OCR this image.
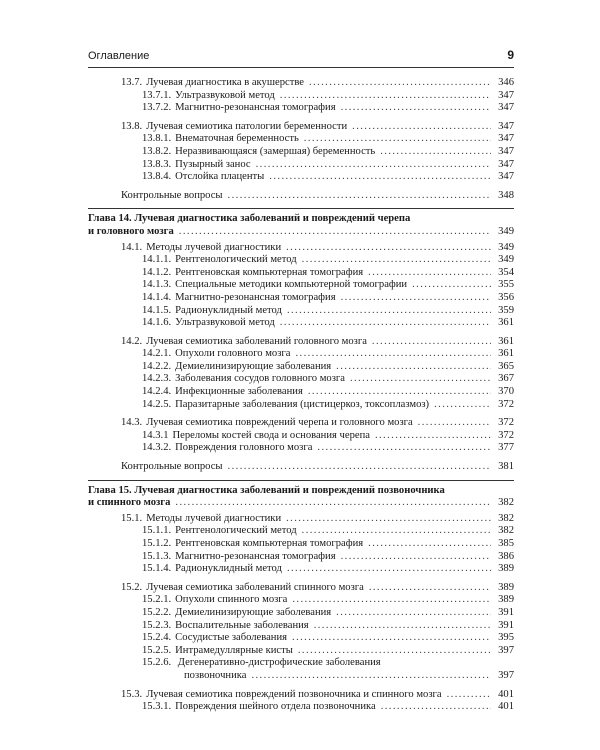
Оглавление	9
13.7. Лучевая диагностика в акушерстве .....	346
13.7.1. Ультразвуковой метод .....	347
13.7.2. Магнитно-резонансная томография .....	347
13.8. Лучевая семиотика патологии беременности .....	347
13.8.1. Внематочная беременность .....	347
13.8.2. Неразвивающаяся (замершая) беременность .....	347
13.8.3. Пузырный занос .....	347
13.8.4. Отслойка плаценты .....	347
Контрольные вопросы .....	348
Глава 14. Лучевая диагностика заболеваний и повреждений черепа
и головного мозга .....	349
14.1. Методы лучевой диагностики .....	349
14.1.1. Рентгенологический метод .....	349
14.1.2. Рентгеновская компьютерная томография .....	354
14.1.3. Специальные методики компьютерной томографии .....	355
14.1.4. Магнитно-резонансная томография .....	356
14.1.5. Радионуклидный метод .....	359
14.1.6. Ультразвуковой метод .....	361
14.2. Лучевая семиотика заболеваний головного мозга .....	361
14.2.1. Опухоли головного мозга .....	361
14.2.2. Демиелинизирующие заболевания .....	365
14.2.3. Заболевания сосудов головного мозга .....	367
14.2.4. Инфекционные заболевания .....	370
14.2.5. Паразитарные заболевания (цистицеркоз, токсоплазмоз) .....	372
14.3. Лучевая семиотика повреждений черепа и головного мозга .....	372
14.3.1 Переломы костей свода и основания черепа .....	372
14.3.2. Повреждения головного мозга .....	377
Контрольные вопросы .....	381
Глава 15. Лучевая диагностика заболеваний и повреждений позвоночника
и спинного мозга .....	382
15.1. Методы лучевой диагностики .....	382
15.1.1. Рентгенологический метод .....	382
15.1.2. Рентгеновская компьютерная томография .....	385
15.1.3. Магнитно-резонансная томография .....	386
15.1.4. Радионуклидный метод .....	389
15.2. Лучевая семиотика заболеваний спинного мозга .....	389
15.2.1. Опухоли спинного мозга .....	389
15.2.2. Демиелинизирующие заболевания .....	391
15.2.3. Воспалительные заболевания .....	391
15.2.4. Сосудистые заболевания .....	395
15.2.5. Интрамедуллярные кисты .....	397
15.2.6. Дегенеративно-дистрофические заболевания
позвоночника .....	397
15.3. Лучевая семиотика повреждений позвоночника и спинного мозга .....	401
15.3.1. Повреждения шейного отдела позвоночника .....	401
